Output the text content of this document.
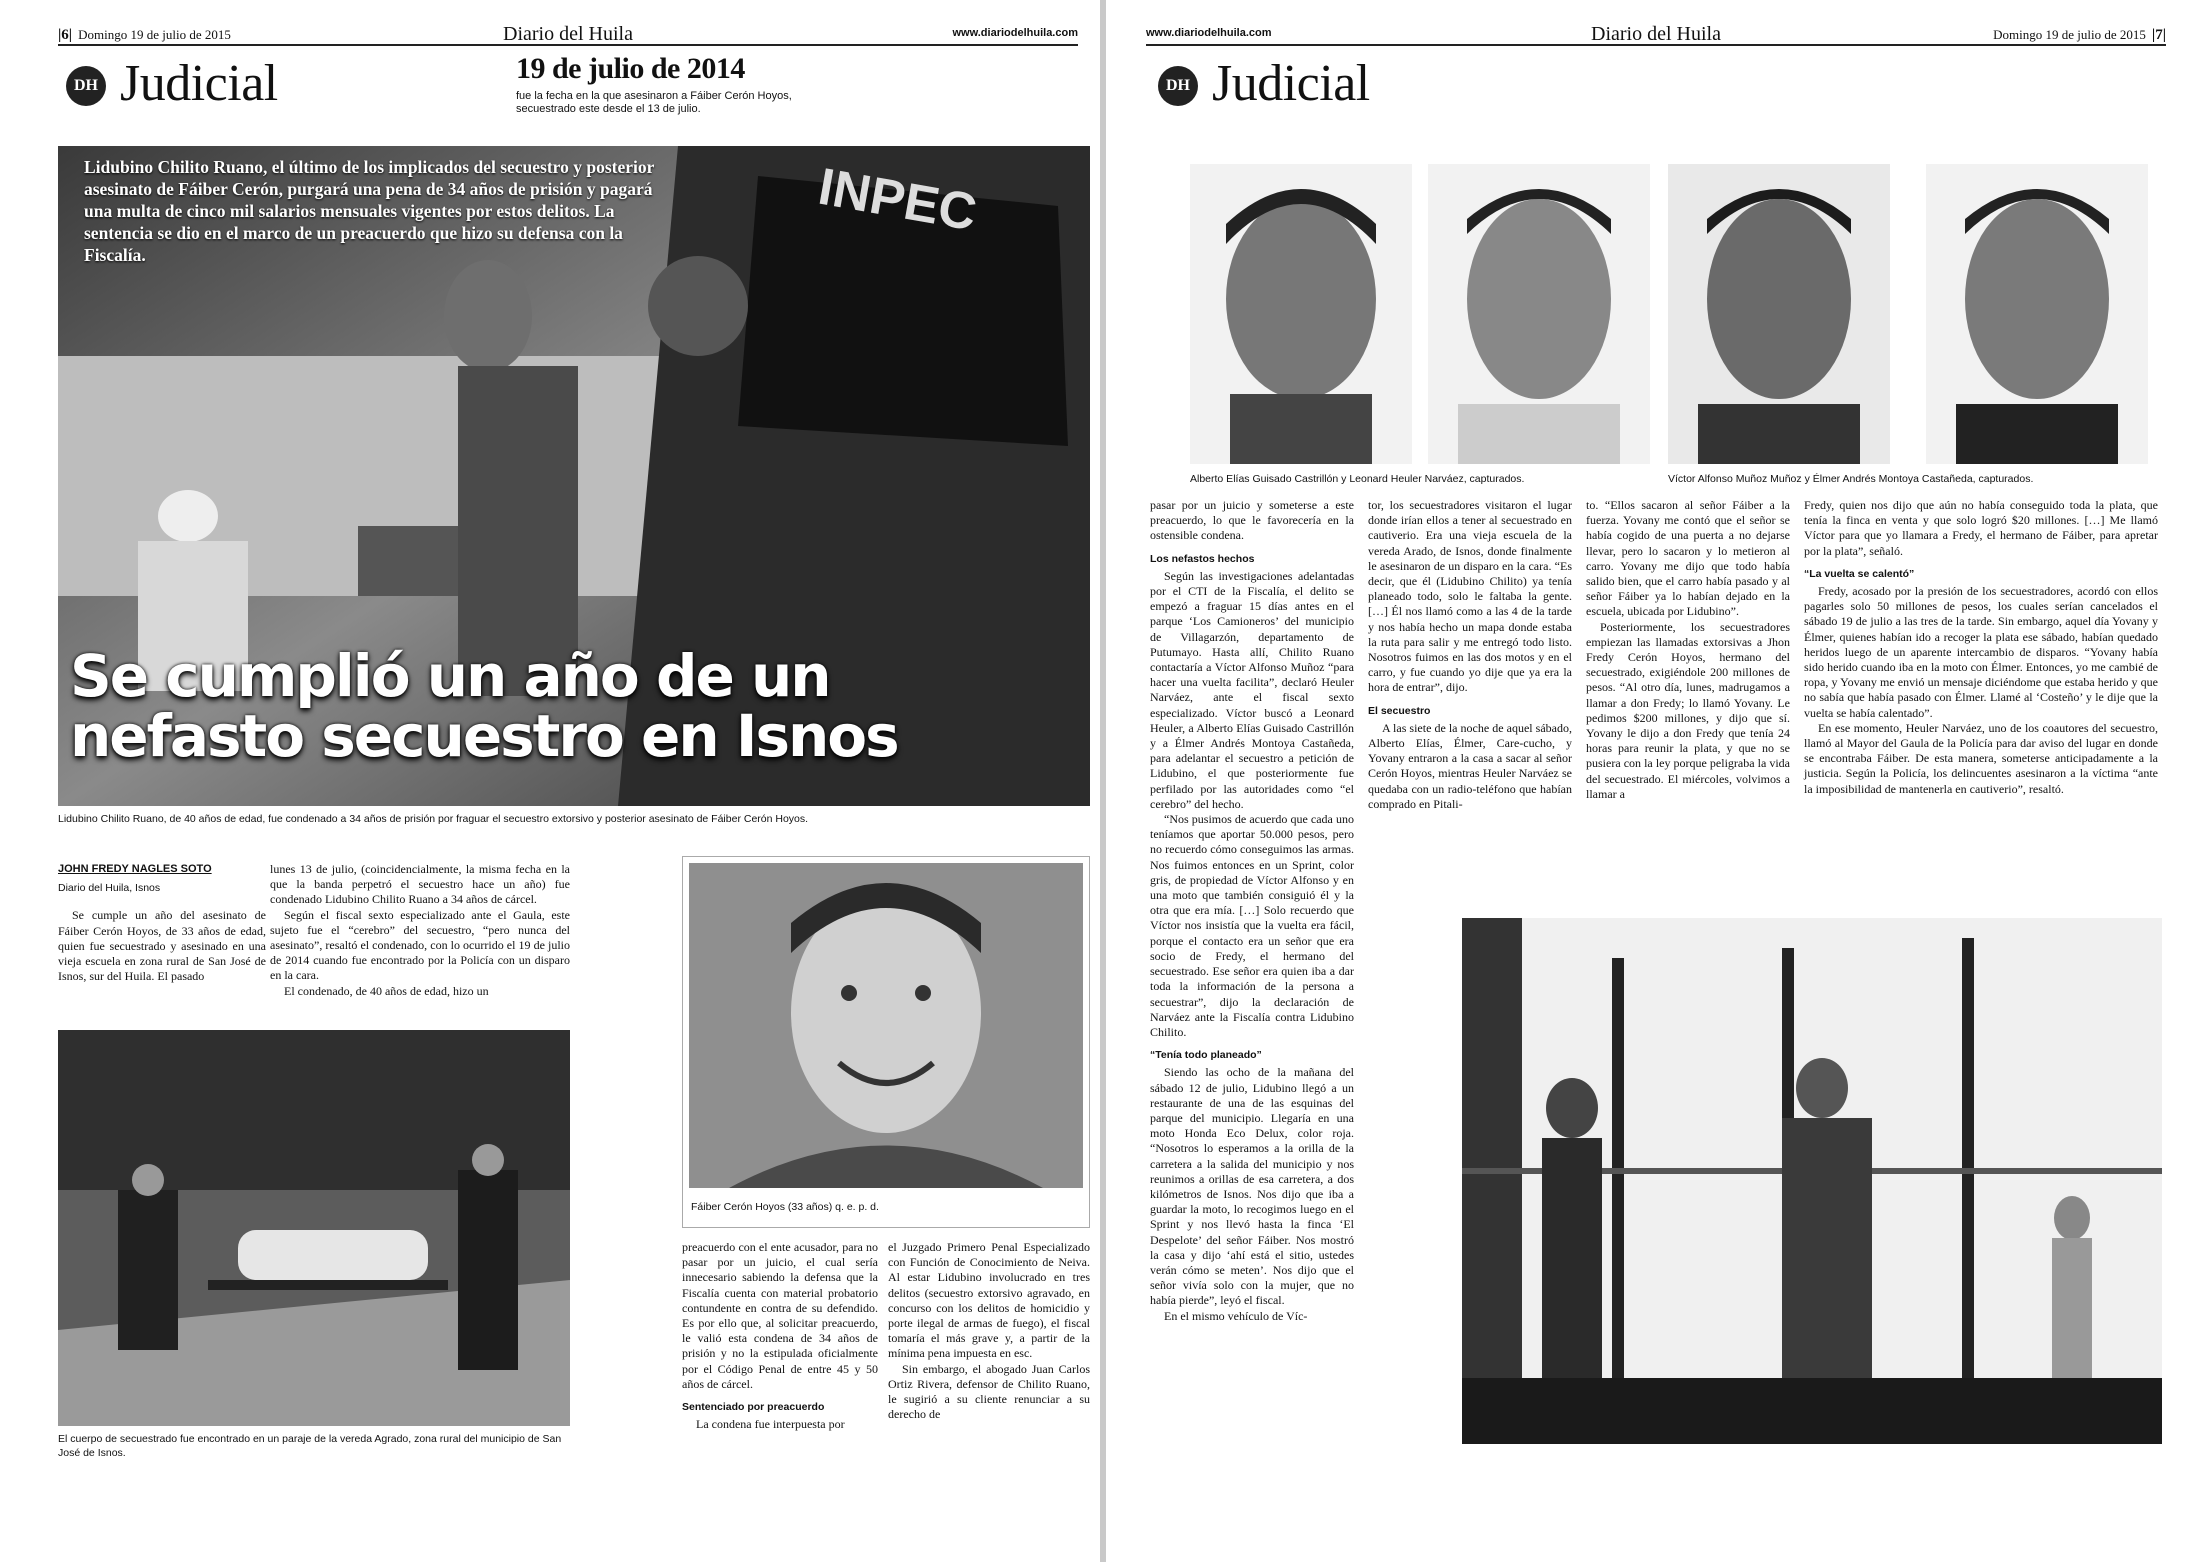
|6| Domingo 19 de julio de 2015	Diario del Huila	www.diariodelhuila.com
DH Judicial	19 de julio de 2014
fue la fecha en la que asesinaron a Fáiber Cerón Hoyos, secuestrado este desde el 13 de julio.
INPEC
Lidubino Chilito Ruano, el último de los implicados del secuestro y posterior asesinato de Fáiber Cerón, purgará una pena de 34 años de prisión y pagará una multa de cinco mil salarios mensuales vigentes por estos delitos. La sentencia se dio en el marco de un preacuerdo que hizo su defensa con la Fiscalía.
Se cumplió un año de un nefasto secuestro en Isnos
Lidubino Chilito Ruano, de 40 años de edad, fue condenado a 34 años de prisión por fraguar el secuestro extorsivo y posterior asesinato de Fáiber Cerón Hoyos.
JOHN FREDY NAGLES SOTO
Diario del Huila, Isnos

Se cumple un año del asesinato de Fáiber Cerón Hoyos, de 33 años de edad, quien fue secuestrado y asesinado en una vieja escuela en zona rural de San José de Isnos, sur del Huila. El pasado

lunes 13 de julio, (coincidencialmente, la misma fecha en la que la banda perpetró el secuestro hace un año) fue condenado Lidubino Chilito Ruano a 34 años de cárcel.

Según el fiscal sexto especializado ante el Gaula, este sujeto fue el “cerebro” del secuestro, “pero nunca del asesinato”, resaltó el condenado, con lo ocurrido el 19 de julio de 2014 cuando fue encontrado por la Policía con un disparo en la cara.

El condenado, de 40 años de edad, hizo un

El cuerpo de secuestrado fue encontrado en un paraje de la vereda Agrado, zona rural del municipio de San José de Isnos.
Fáiber Cerón Hoyos (33 años) q. e. p. d.

preacuerdo con el ente acusador, para no pasar por un juicio, el cual sería innecesario sabiendo la defensa que la Fiscalía cuenta con material probatorio contundente en contra de su defendido. Es por ello que, al solicitar preacuerdo, le valió esta condena de 34 años de prisión y no la estipulada oficialmente por el Código Penal de entre 45 y 50 años de cárcel.

Sentenciado por preacuerdo

La condena fue interpuesta por

el Juzgado Primero Penal Especializado con Función de Conocimiento de Neiva. Al estar Lidubino involucrado en tres delitos (secuestro extorsivo agravado, en concurso con los delitos de homicidio y porte ilegal de armas de fuego), el fiscal tomaría el más grave y, a partir de la mínima pena impuesta en esc.

Sin embargo, el abogado Juan Carlos Ortiz Rivera, defensor de Chilito Ruano, le sugirió a su cliente renunciar a su derecho de

www.diariodelhuila.com	Diario del Huila	Domingo 19 de julio de 2015 |7|
DH Judicial
Alberto Elías Guisado Castrillón y Leonard Heuler Narváez, capturados.	Víctor Alfonso Muñoz Muñoz y Élmer Andrés Montoya Castañeda, capturados.

pasar por un juicio y someterse a este preacuerdo, lo que le favorecería en la ostensible condena.

Los nefastos hechos

Según las investigaciones adelantadas por el CTI de la Fiscalía, el delito se empezó a fraguar 15 días antes en el parque ‘Los Camioneros’ del municipio de Villagarzón, departamento de Putumayo. Hasta allí, Chilito Ruano contactaría a Víctor Alfonso Muñoz “para hacer una vuelta facilita”, declaró Heuler Narváez, ante el fiscal sexto especializado. Víctor buscó a Leonard Heuler, a Alberto Elías Guisado Castrillón y a Élmer Andrés Montoya Castañeda, para adelantar el secuestro a petición de Lidubino, el que posteriormente fue perfilado por las autoridades como “el cerebro” del hecho.

“Nos pusimos de acuerdo que cada uno teníamos que aportar 50.000 pesos, pero no recuerdo cómo conseguimos las armas. Nos fuimos entonces en un Sprint, color gris, de propiedad de Víctor Alfonso y en una moto que también consiguió él y la otra que era mía. […] Solo recuerdo que Víctor nos insistía que la vuelta era fácil, porque el contacto era un señor que era socio de Fredy, el hermano del secuestrado. Ese señor era quien iba a dar toda la información de la persona a secuestrar”, dijo la declaración de Narváez ante la Fiscalía contra Lidubino Chilito.

“Tenía todo planeado”

Siendo las ocho de la mañana del sábado 12 de julio, Lidubino llegó a un restaurante de una de las esquinas del parque del municipio. Llegaría en una moto Honda Eco Delux, color roja. “Nosotros lo esperamos a la orilla de la carretera a la salida del municipio y nos reunimos a orillas de esa carretera, a dos kilómetros de Isnos. Nos dijo que iba a guardar la moto, lo recogimos luego en el Sprint y nos llevó hasta la finca ‘El Despelote’ del señor Fáiber. Nos mostró la casa y dijo ‘ahí está el sitio, ustedes verán cómo se meten’. Nos dijo que el señor vivía solo con la mujer, que no había pierde”, leyó el fiscal.

En el mismo vehículo de Víc-

tor, los secuestradores visitaron el lugar donde irían ellos a tener al secuestrado en cautiverio. Era una vieja escuela de la vereda Arado, de Isnos, donde finalmente le asesinaron de un disparo en la cara. “Es decir, que él (Lidubino Chilito) ya tenía planeado todo, solo le faltaba la gente. […] Él nos llamó como a las 4 de la tarde y nos había hecho un mapa donde estaba la ruta para salir y me entregó todo listo. Nosotros fuimos en las dos motos y en el carro, y fue cuando yo dije que ya era la hora de entrar”, dijo.

El secuestro

A las siete de la noche de aquel sábado, Alberto Elías, Élmer, Care-cucho, y Yovany entraron a la casa a sacar al señor Cerón Hoyos, mientras Heuler Narváez se quedaba con un radio-teléfono que habían comprado en Pitali-

to. “Ellos sacaron al señor Fáiber a la fuerza. Yovany me contó que el señor se había cogido de una puerta a no dejarse llevar, pero lo sacaron y lo metieron al carro. Yovany me dijo que todo había salido bien, que el carro había pasado y al señor Fáiber ya lo habían dejado en la escuela, ubicada por Lidubino”.

Posteriormente, los secuestradores empiezan las llamadas extorsivas a Jhon Fredy Cerón Hoyos, hermano del secuestrado, exigiéndole 200 millones de pesos. “Al otro día, lunes, madrugamos a llamar a don Fredy; lo llamó Yovany. Le pedimos $200 millones, y dijo que sí. Yovany le dijo a don Fredy que tenía 24 horas para reunir la plata, y que no se pusiera con la ley porque peligraba la vida del secuestrado. El miércoles, volvimos a llamar a

Fredy, quien nos dijo que aún no había conseguido toda la plata, que tenía la finca en venta y que solo logró $20 millones. […] Me llamó Víctor para que yo llamara a Fredy, el hermano de Fáiber, para apretar por la plata”, señaló.

“La vuelta se calentó”

Fredy, acosado por la presión de los secuestradores, acordó con ellos pagarles solo 50 millones de pesos, los cuales serían cancelados el sábado 19 de julio a las tres de la tarde. Sin embargo, aquel día Yovany y Élmer, quienes habían ido a recoger la plata ese sábado, habían quedado heridos luego de un aparente intercambio de disparos. “Yovany había sido herido cuando iba en la moto con Élmer. Entonces, yo me cambié de ropa, y Yovany me envió un mensaje diciéndome que estaba herido y que no sabía que había pasado con Élmer. Llamé al ‘Costeño’ y le dije que la vuelta se había calentado”.

En ese momento, Heuler Narváez, uno de los coautores del secuestro, llamó al Mayor del Gaula de la Policía para dar aviso del lugar en donde se encontraba Fáiber. De esta manera, someterse anticipadamente a la justicia. Según la Policía, los delincuentes asesinaron a la víctima “ante la imposibilidad de mantenerla en cautiverio”, resaltó.
